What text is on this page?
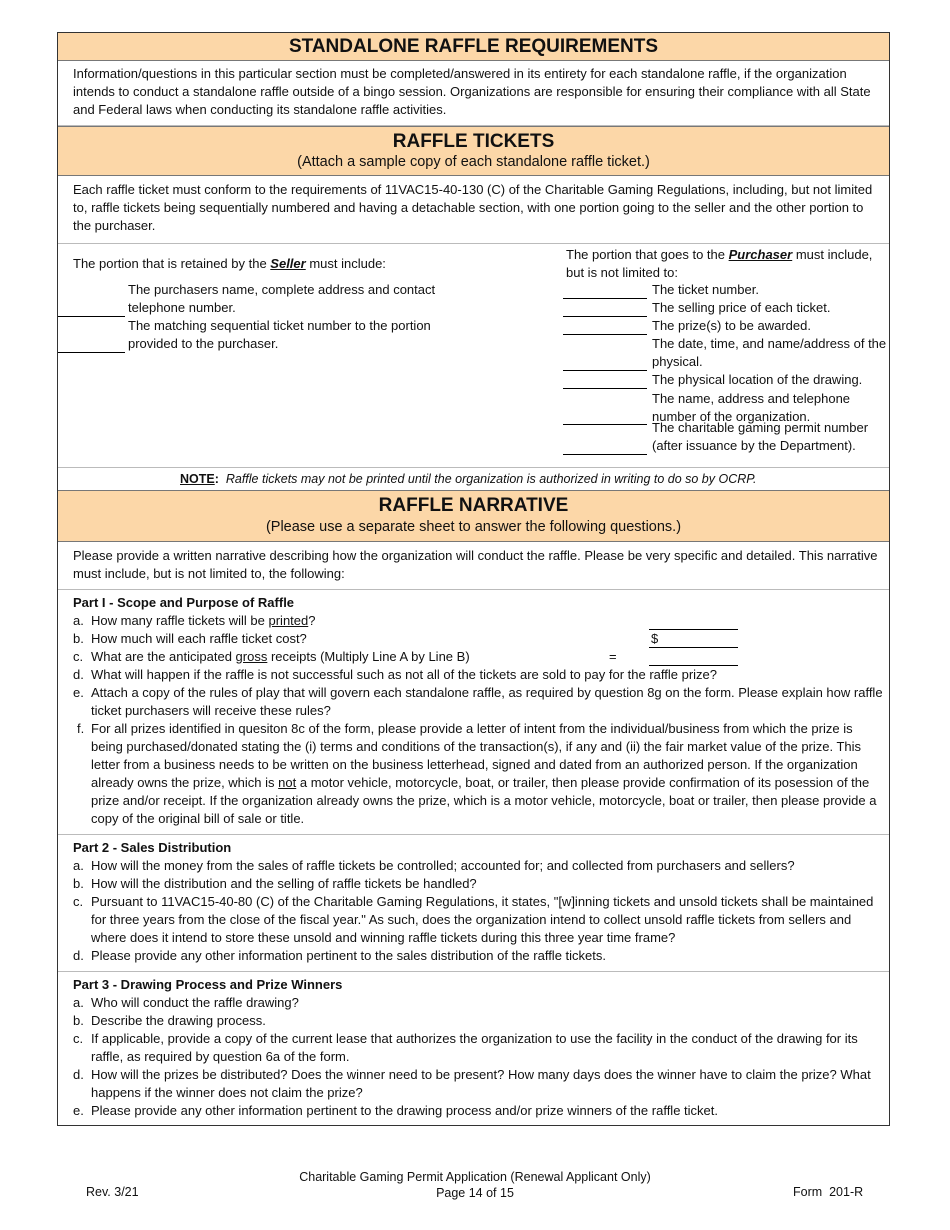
STANDALONE RAFFLE REQUIREMENTS
Information/questions in this particular section must be completed/answered in its entirety for each standalone raffle, if the organization intends to conduct a standalone raffle outside of a bingo session. Organizations are responsible for ensuring their compliance with all State and Federal laws when conducting its standalone raffle activities.
RAFFLE TICKETS
(Attach a sample copy of each standalone raffle ticket.)
Each raffle ticket must conform to the requirements of 11VAC15-40-130 (C) of the Charitable Gaming Regulations, including, but not limited to, raffle tickets being sequentially numbered and having a detachable section, with one portion going to the seller and the other portion to the purchaser.
The portion that is retained by the Seller must include:
The purchasers name, complete address and contact telephone number.
The matching sequential ticket number to the portion provided to the purchaser.
The portion that goes to the Purchaser must include, but is not limited to:
The ticket number.
The selling price of each ticket.
The prize(s) to be awarded.
The date, time, and name/address of the physical.
The physical location of the drawing.
The name, address and telephone number of the organization.
The charitable gaming permit number (after issuance by the Department).
NOTE: Raffle tickets may not be printed until the organization is authorized in writing to do so by OCRP.
RAFFLE NARRATIVE
(Please use a separate sheet to answer the following questions.)
Please provide a written narrative describing how the organization will conduct the raffle. Please be very specific and detailed. This narrative must include, but is not limited to, the following:
Part I - Scope and Purpose of Raffle
a. How many raffle tickets will be printed?
b. How much will each raffle ticket cost?	$
c. What are the anticipated gross receipts (Multiply Line A by Line B)	=
d. What will happen if the raffle is not successful such as not all of the tickets are sold to pay for the raffle prize?
e. Attach a copy of the rules of play that will govern each standalone raffle, as required by question 8g on the form. Please explain how raffle ticket purchasers will receive these rules?
f. For all prizes identified in quesiton 8c of the form, please provide a letter of intent from the individual/business from which the prize is being purchased/donated stating the (i) terms and conditions of the transaction(s), if any and (ii) the fair market value of the prize. This letter from a business needs to be written on the business letterhead, signed and dated from an authorized person. If the organization already owns the prize, which is not a motor vehicle, motorcycle, boat, or trailer, then please provide confirmation of its posession of the prize and/or receipt. If the organization already owns the prize, which is a motor vehicle, motorcycle, boat or trailer, then please provide a copy of the original bill of sale or title.
Part 2 - Sales Distribution
a. How will the money from the sales of raffle tickets be controlled; accounted for; and collected from purchasers and sellers?
b. How will the distribution and the selling of raffle tickets be handled?
c. Pursuant to 11VAC15-40-80 (C) of the Charitable Gaming Regulations, it states, "[w]inning tickets and unsold tickets shall be maintained for three years from the close of the fiscal year." As such, does the organization intend to collect unsold raffle tickets from sellers and where does it intend to store these unsold and winning raffle tickets during this three year time frame?
d. Please provide any other information pertinent to the sales distribution of the raffle tickets.
Part 3 - Drawing Process and Prize Winners
a. Who will conduct the raffle drawing?
b. Describe the drawing process.
c. If applicable, provide a copy of the current lease that authorizes the organization to use the facility in the conduct of the drawing for its raffle, as required by question 6a of the form.
d. How will the prizes be distributed? Does the winner need to be present? How many days does the winner have to claim the prize? What happens if the winner does not claim the prize?
e. Please provide any other information pertinent to the drawing process and/or prize winners of the raffle ticket.
Rev. 3/21
Charitable Gaming Permit Application (Renewal Applicant Only)
Page 14 of 15	Form  201-R
